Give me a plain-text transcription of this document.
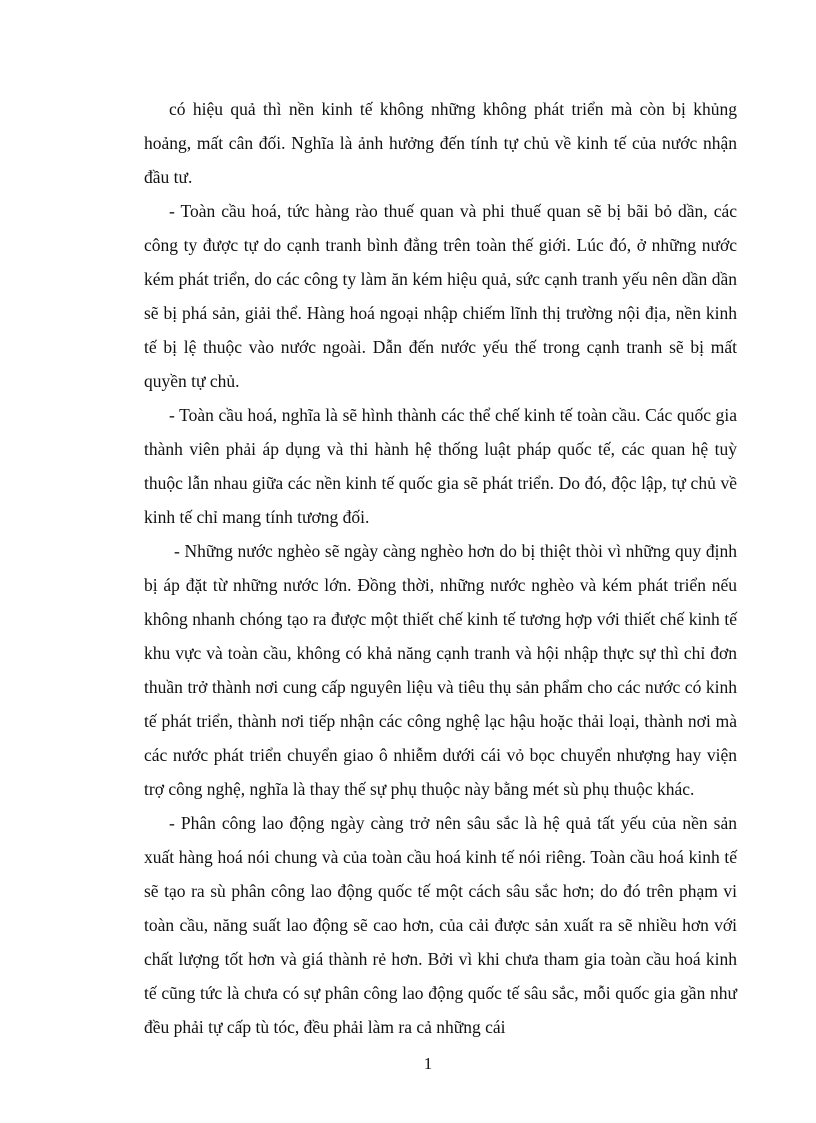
có hiệu quả thì nền kinh tế không những không phát triển mà còn bị khủng hoảng, mất cân đối. Nghĩa là ảnh hưởng đến tính tự chủ về kinh tế của nước nhận đầu tư.

- Toàn cầu hoá, tức hàng rào thuế quan và phi thuế quan sẽ bị bãi bỏ dần, các công ty được tự do cạnh tranh bình đẳng trên toàn thế giới. Lúc đó, ở những nước kém phát triển, do các công ty làm ăn kém hiệu quả, sức cạnh tranh yếu nên dần dần sẽ bị phá sản, giải thể. Hàng hoá ngoại nhập chiếm lĩnh thị trường nội địa, nền kinh tế bị lệ thuộc vào nước ngoài. Dẫn đến nước yếu thế trong cạnh tranh sẽ bị mất quyền tự chủ.

- Toàn cầu hoá, nghĩa là sẽ hình thành các thể chế kinh tế toàn cầu. Các quốc gia thành viên phải áp dụng và thi hành hệ thống luật pháp quốc tế, các quan hệ tuỳ thuộc lẫn nhau giữa các nền kinh tế quốc gia sẽ phát triển. Do đó, độc lập, tự chủ về kinh tế chỉ mang tính tương đối.

- Những nước nghèo sẽ ngày càng nghèo hơn do bị thiệt thòi vì những quy định bị áp đặt từ những nước lớn. Đồng thời, những nước nghèo và kém phát triển nếu không nhanh chóng tạo ra được một thiết chế kinh tế tương hợp với thiết chế kinh tế khu vực và toàn cầu, không có khả năng cạnh tranh và hội nhập thực sự thì chỉ đơn thuần trở thành nơi cung cấp nguyên liệu và tiêu thụ sản phẩm cho các nước có kinh tế phát triển, thành nơi tiếp nhận các công nghệ lạc hậu hoặc thải loại, thành nơi mà các nước phát triển chuyển giao ô nhiễm dưới cái vỏ bọc chuyển nhượng hay viện trợ công nghệ, nghĩa là thay thế sự phụ thuộc này bằng mét sù phụ thuộc khác.

- Phân công lao động ngày càng trở nên sâu sắc là hệ quả tất yếu của nền sản xuất hàng hoá nói chung và của toàn cầu hoá kinh tế nói riêng. Toàn cầu hoá kinh tế sẽ tạo ra sù phân công lao động quốc tế một cách sâu sắc hơn; do đó trên phạm vi toàn cầu, năng suất lao động sẽ cao hơn, của cải được sản xuất ra sẽ nhiều hơn với chất lượng tốt hơn và giá thành rẻ hơn. Bởi vì khi chưa tham gia toàn cầu hoá kinh tế cũng tức là chưa có sự phân công lao động quốc tế sâu sắc, mỗi quốc gia gần như đều phải tự cấp tù tóc, đều phải làm ra cả những cái

1
